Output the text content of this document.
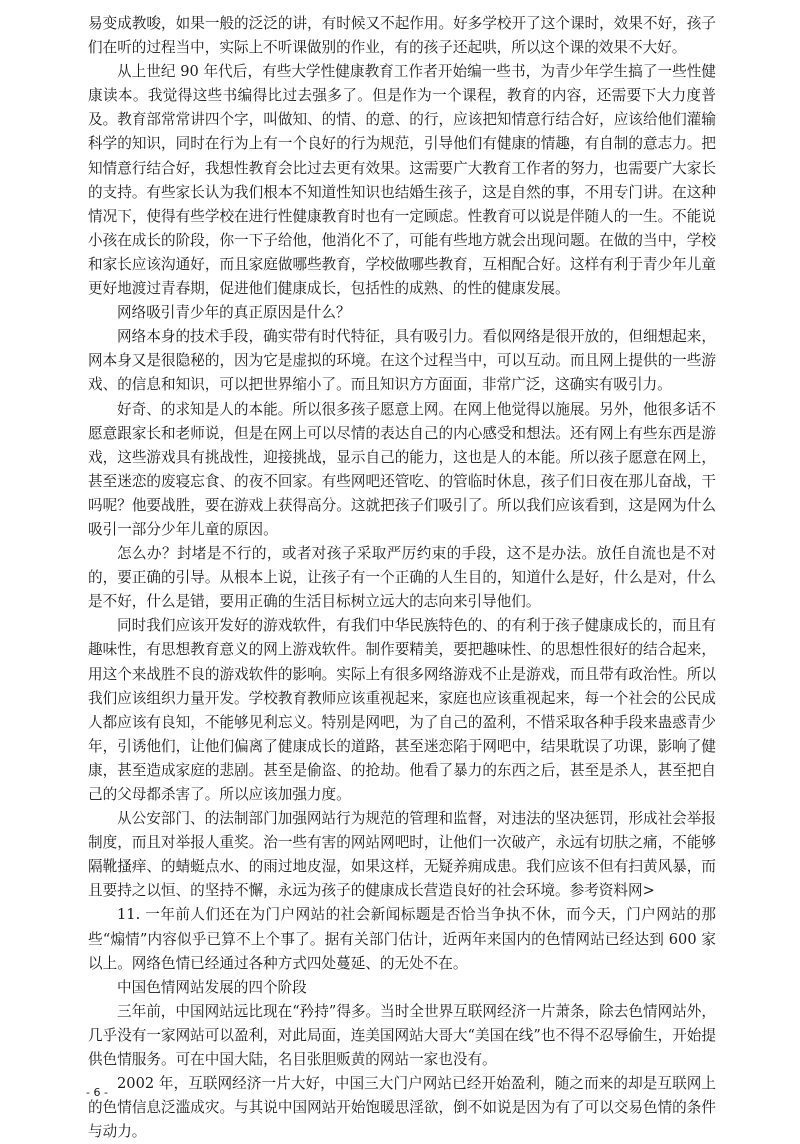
易变成教唆，如果一般的泛泛的讲，有时候又不起作用。好多学校开了这个课时，效果不好，孩子们在听的过程当中，实际上不听课做别的作业，有的孩子还起哄，所以这个课的效果不大好。

从上世纪 90 年代后，有些大学性健康教育工作者开始编一些书，为青少年学生搞了一些性健康读本。我觉得这些书编得比过去强多了。但是作为一个课程，教育的内容，还需要下大力度普及。教育部常常讲四个字，叫做知、的情、的意、的行，应该把知情意行结合好，应该给他们灌输科学的知识，同时在行为上有一个良好的行为规范，引导他们有健康的情趣，有自制的意志力。把知情意行结合好，我想性教育会比过去更有效果。这需要广大教育工作者的努力，也需要广大家长的支持。有些家长认为我们根本不知道性知识也结婚生孩子，这是自然的事，不用专门讲。在这种情况下，使得有些学校在进行性健康教育时也有一定顾虑。性教育可以说是伴随人的一生。不能说小孩在成长的阶段，你一下子给他，他消化不了，可能有些地方就会出现问题。在做的当中，学校和家长应该沟通好，而且家庭做哪些教育，学校做哪些教育，互相配合好。这样有利于青少年儿童更好地渡过青春期，促进他们健康成长，包括性的成熟、的性的健康发展。

网络吸引青少年的真正原因是什么？

网络本身的技术手段，确实带有时代特征，具有吸引力。看似网络是很开放的，但细想起来，网本身又是很隐秘的，因为它是虚拟的环境。在这个过程当中，可以互动。而且网上提供的一些游戏、的信息和知识，可以把世界缩小了。而且知识方方面面，非常广泛，这确实有吸引力。

好奇、的求知是人的本能。所以很多孩子愿意上网。在网上他觉得以施展。另外，他很多话不愿意跟家长和老师说，但是在网上可以尽情的表达自己的内心感受和想法。还有网上有些东西是游戏，这些游戏具有挑战性，迎接挑战，显示自己的能力，这也是人的本能。所以孩子愿意在网上，甚至迷恋的废寝忘食、的夜不回家。有些网吧还管吃、的管临时休息，孩子们日夜在那儿奋战，干吗呢？他要战胜，要在游戏上获得高分。这就把孩子们吸引了。所以我们应该看到，这是网为什么吸引一部分少年儿童的原因。

怎么办？封堵是不行的，或者对孩子采取严厉约束的手段，这不是办法。放任自流也是不对的，要正确的引导。从根本上说，让孩子有一个正确的人生目的，知道什么是好，什么是对，什么是不好，什么是错，要用正确的生活目标树立远大的志向来引导他们。

同时我们应该开发好的游戏软件，有我们中华民族特色的、的有利于孩子健康成长的，而且有趣味性，有思想教育意义的网上游戏软件。制作要精美，要把趣味性、的思想性很好的结合起来，用这个来战胜不良的游戏软件的影响。实际上有很多网络游戏不止是游戏，而且带有政治性。所以我们应该组织力量开发。学校教育教师应该重视起来，家庭也应该重视起来，每一个社会的公民成人都应该有良知，不能够见利忘义。特别是网吧，为了自己的盈利，不惜采取各种手段来蛊惑青少年，引诱他们，让他们偏离了健康成长的道路，甚至迷恋陷于网吧中，结果耽误了功课，影响了健康，甚至造成家庭的悲剧。甚至是偷盗、的抢劫。他看了暴力的东西之后，甚至是杀人，甚至把自己的父母都杀害了。所以应该加强力度。

从公安部门、的法制部门加强网站行为规范的管理和监督，对违法的坚决惩罚，形成社会举报制度，而且对举报人重奖。治一些有害的网站网吧时，让他们一次破产，永远有切肤之痛，不能够隔靴搔痒、的蜻蜓点水、的雨过地皮湿，如果这样，无疑养痈成患。我们应该不但有扫黄风暴，而且要持之以恒、的坚持不懈，永远为孩子的健康成长营造良好的社会环境。参考资料网>

11. 一年前人们还在为门户网站的社会新闻标题是否恰当争执不休，而今天，门户网站的那些“煽情”内容似乎已算不上个事了。据有关部门估计，近两年来国内的色情网站已经达到 600 家以上。网络色情已经通过各种方式四处蔓延、的无处不在。

中国色情网站发展的四个阶段

三年前，中国网站远比现在“矜持”得多。当时全世界互联网经济一片萧条，除去色情网站外，几乎没有一家网站可以盈利，对此局面，连美国网站大哥大“美国在线”也不得不忍辱偷生，开始提供色情服务。可在中国大陆，名目张胆贩黄的网站一家也没有。

2002 年，互联网经济一片大好，中国三大门户网站已经开始盈利，随之而来的却是互联网上的色情信息泛滥成灾。与其说中国网站开始饱暖思淫欲，倒不如说是因为有了可以交易色情的条件与动力。

- 6 -
